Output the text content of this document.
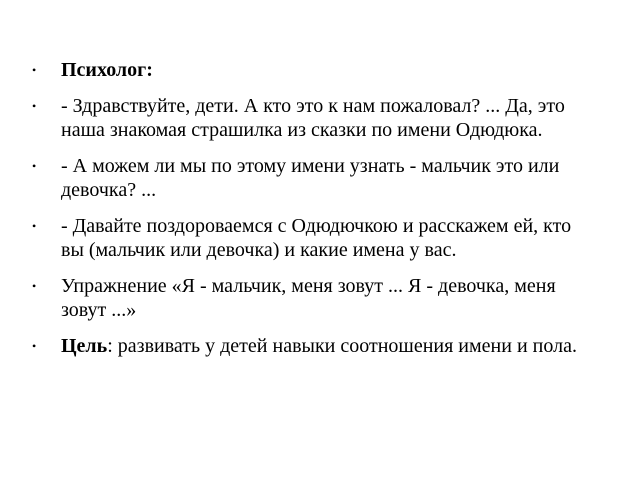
• Психолог:
• - Здравствуйте, дети. А кто это к нам пожаловал? ... Да, это наша знакомая страшилка из сказки по имени Одюдюка.
• - А можем ли мы по этому имени узнать - мальчик это или девочка? ...
• - Давайте поздороваемся с Одюдючкою и расскажем ей, кто вы (мальчик или девочка) и какие имена у вас.
• Упражнение «Я - мальчик, меня зовут ... Я - девочка, меня зовут ...»
• Цель: развивать у детей навыки соотношения имени и пола.
